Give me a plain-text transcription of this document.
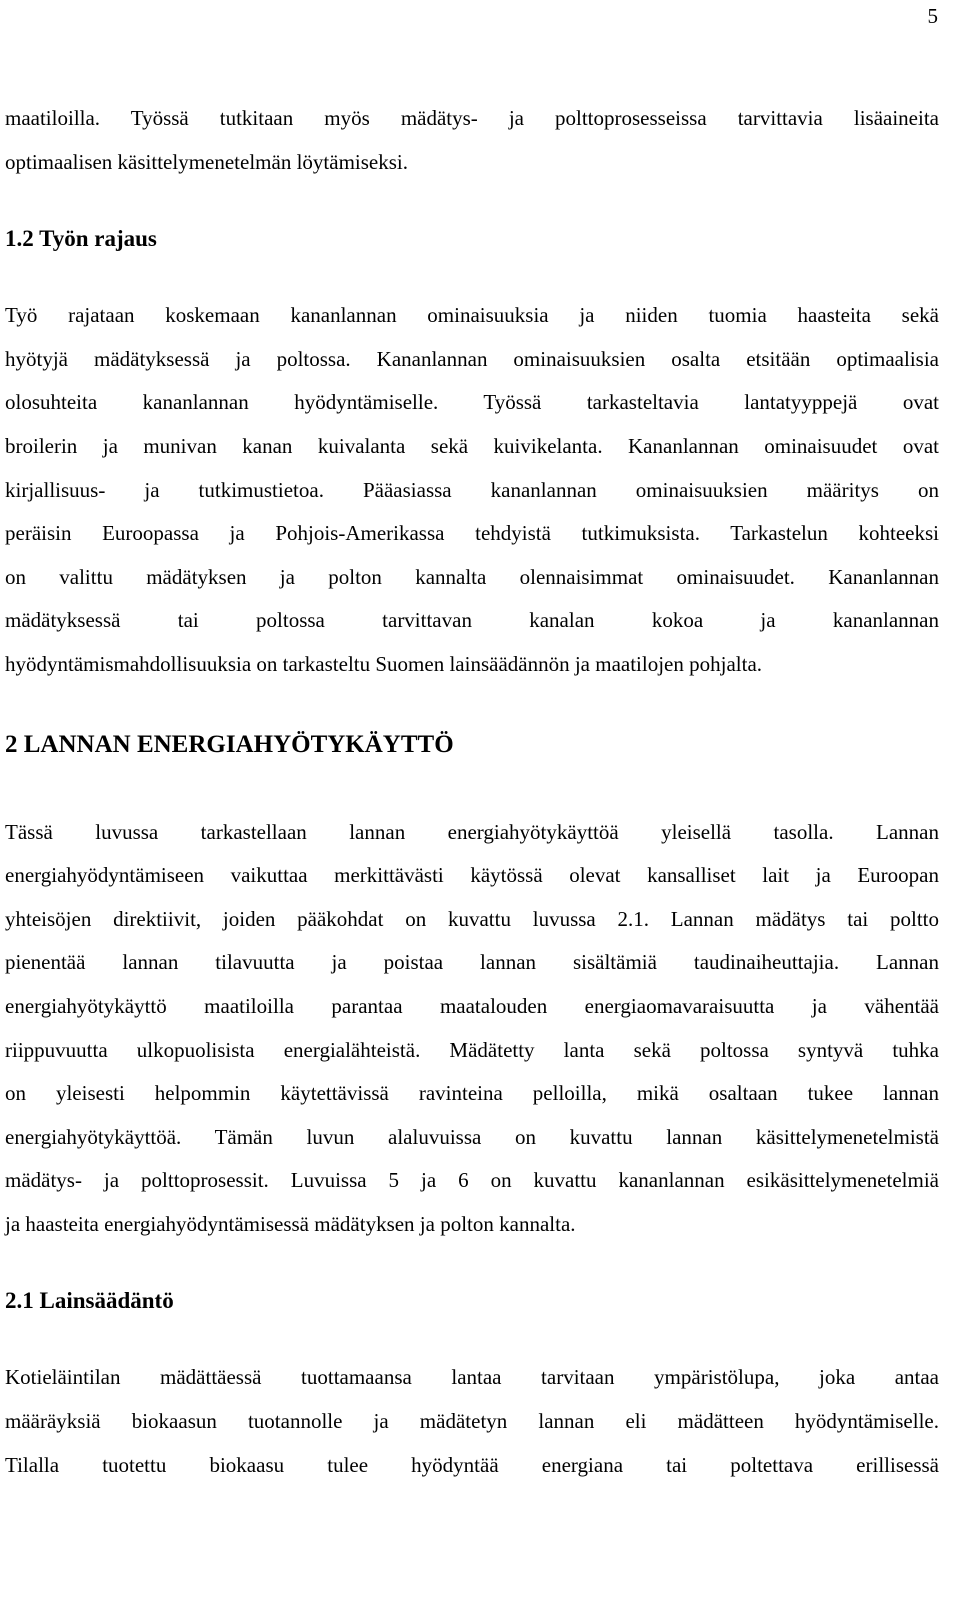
5

maatiloilla. Työssä tutkitaan myös mädätys- ja polttoprosesseissa tarvittavia lisäaineita
optimaalisen käsittelymenetelmän löytämiseksi.

1.2 Työn rajaus

Työ rajataan koskemaan kananlannan ominaisuuksia ja niiden tuomia haasteita sekä
hyötyjä mädätyksessä ja poltossa. Kananlannan ominaisuuksien osalta etsitään optimaalisia
olosuhteita kananlannan hyödyntämiselle. Työssä tarkasteltavia lantatyyppejä ovat
broilerin ja munivan kanan kuivalanta sekä kuivikelanta. Kananlannan ominaisuudet ovat
kirjallisuus- ja tutkimustietoa. Pääasiassa kananlannan ominaisuuksien määritys on
peräisin Euroopassa ja Pohjois-Amerikassa tehdyistä tutkimuksista. Tarkastelun kohteeksi
on valittu mädätyksen ja polton kannalta olennaisimmat ominaisuudet. Kananlannan
mädätyksessä tai poltossa tarvittavan kanalan kokoa ja kananlannan
hyödyntämismahdollisuuksia on tarkasteltu Suomen lainsäädännön ja maatilojen pohjalta.

2 LANNAN ENERGIAHYÖTYKÄYTTÖ

Tässä luvussa tarkastellaan lannan energiahyötykäyttöä yleisellä tasolla. Lannan
energiahyödyntämiseen vaikuttaa merkittävästi käytössä olevat kansalliset lait ja Euroopan
yhteisöjen direktiivit, joiden pääkohdat on kuvattu luvussa 2.1. Lannan mädätys tai poltto
pienentää lannan tilavuutta ja poistaa lannan sisältämiä taudinaiheuttajia. Lannan
energiahyötykäyttö maatiloilla parantaa maatalouden energiaomavaraisuutta ja vähentää
riippuvuutta ulkopuolisista energialähteistä. Mädätetty lanta sekä poltossa syntyvä tuhka
on yleisesti helpommin käytettävissä ravinteina pelloilla, mikä osaltaan tukee lannan
energiahyötykäyttöä. Tämän luvun alaluvuissa on kuvattu lannan käsittelymenetelmistä
mädätys- ja polttoprosessit. Luvuissa 5 ja 6 on kuvattu kananlannan esikäsittelymenetelmiä
ja haasteita energiahyödyntämisessä mädätyksen ja polton kannalta.

2.1 Lainsäädäntö

Kotieläintilan mädättäessä tuottamaansa lantaa tarvitaan ympäristölupa, joka antaa
määräyksiä biokaasun tuotannolle ja mädätetyn lannan eli mädätteen hyödyntämiselle.
Tilalla tuotettu biokaasu tulee hyödyntää energiana tai poltettava erillisessä
